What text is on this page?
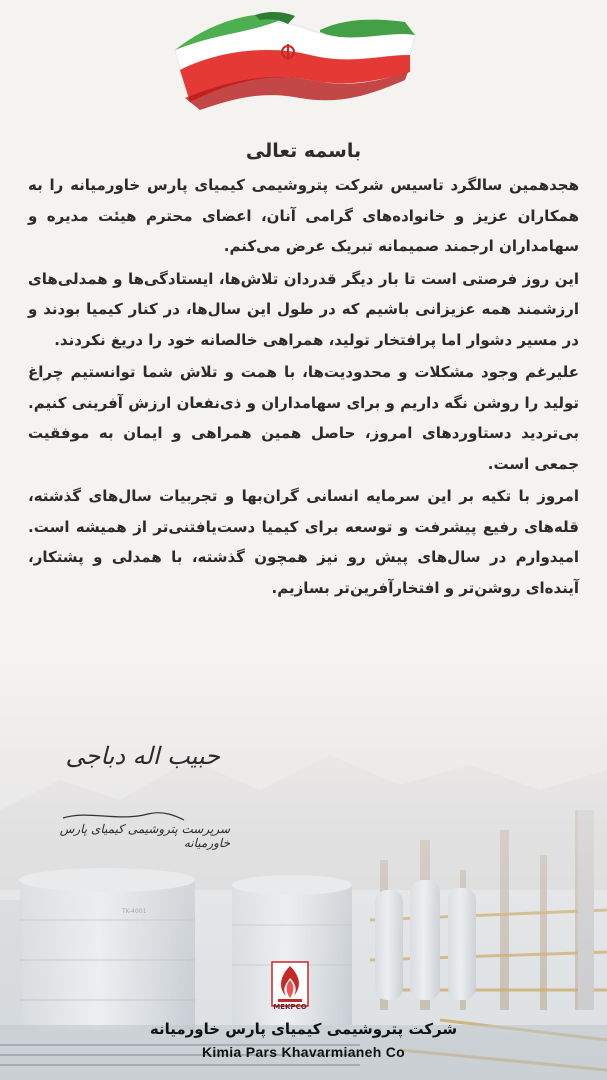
باسمه تعالی

هجدهمین سالگرد تاسیس شرکت پتروشیمی کیمیای پارس خاورمیانه را به همکاران عزیز و خانواده‌های گرامی آنان، اعضای محترم هیئت مدیره و سهامداران ارجمند صمیمانه تبریک عرض می‌کنم.

این روز فرصتی است تا بار دیگر قدردان تلاش‌ها، ایستادگی‌ها و همدلی‌های ارزشمند همه عزیزانی باشیم که در طول این سال‌ها، در کنار کیمیا بودند و در مسیر دشوار اما پرافتخار تولید، همراهی خالصانه خود را دریغ نکردند.

علیرغم وجود مشکلات و محدودیت‌ها، با همت و تلاش شما توانستیم چراغ تولید را روشن نگه داریم و برای سهامداران و ذی‌نفعان ارزش آفرینی کنیم. بی‌تردید دستاوردهای امروز، حاصل همین همراهی و ایمان به موفقیت جمعی است.

امروز با تکیه بر این سرمایه انسانی گران‌بها و تجربیات سال‌های گذشته، قله‌های رفیع پیشرفت و توسعه برای کیمیا دست‌یافتنی‌تر از همیشه است. امیدوارم در سال‌های پیش رو نیز همچون گذشته، با همدلی و پشتکار، آینده‌ای روشن‌تر و افتخارآفرین‌تر بسازیم.

حبیب اله دباجی
سرپرست پتروشیمی کیمیای پارس خاورمیانه
MEKPCO
شرکت پتروشیمی کیمیای پارس خاورمیانه
Kimia Pars Khavarmianeh Co
